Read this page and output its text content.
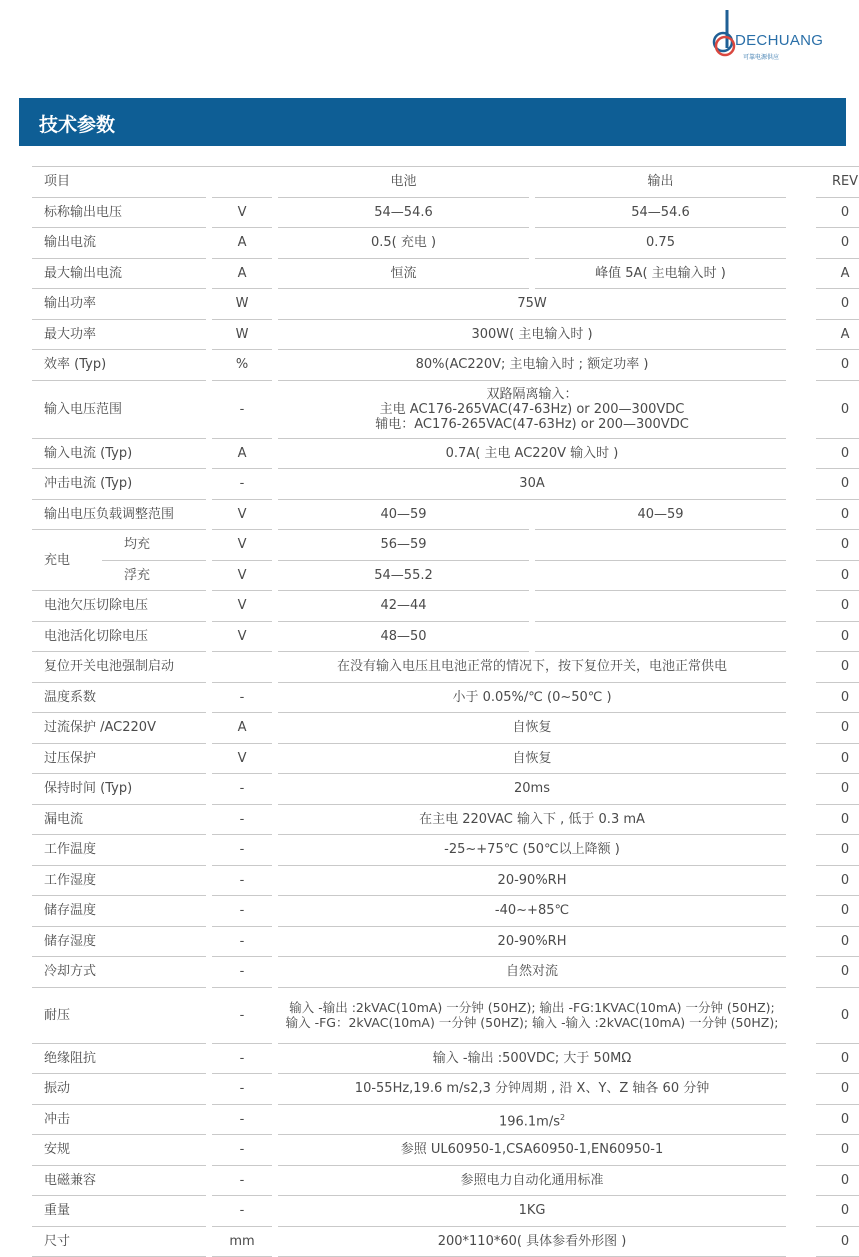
DECHUANG
可靠电源供应
技术参数
项目					电池		输出		REV
标称输出电压			V		54—54.6		54—54.6		0
输出电流			A		0.5( 充电 )		0.75		0
最大输出电流			A		恒流		峰值 5A( 主电输入时 )		A
输出功率			W		75W				0
最大功率			W		300W( 主电输入时 )				A
效率 (Typ)			%		80%(AC220V; 主电输入时 ; 额定功率 )				0
输入电压范围			-		双路隔离输入：
主电 AC176-265VAC(47-63Hz) or 200—300VDC
辅电：AC176-265VAC(47-63Hz) or 200—300VDC				0
输入电流 (Typ)			A		0.7A( 主电 AC220V 输入时 )				0
冲击电流 (Typ)			-		30A				0
输出电压负载调整范围			V		40—59		40—59		0
充电	均充		V		56—59				0
	浮充		V		54—55.2				0
电池欠压切除电压			V		42—44				0
电池活化切除电压			V		48—50				0
复位开关电池强制启动					在没有输入电压且电池正常的情况下，按下复位开关，电池正常供电				0
温度系数			-		小于 0.05%/℃ (0~50℃ )				0
过流保护 /AC220V			A		自恢复				0
过压保护			V		自恢复				0
保持时间 (Typ)			-		20ms				0
漏电流			-		在主电 220VAC 输入下 , 低于 0.3 mA				0
工作温度			-		-25~+75℃ (50℃以上降额 )				0
工作湿度			-		20-90%RH				0
储存温度			-		-40~+85℃				0
储存湿度			-		20-90%RH				0
冷却方式			-		自然对流				0
耐压			-		输入 -输出 :2kVAC(10mA) 一分钟 (50HZ); 输出 -FG:1KVAC(10mA) 一分钟 (50HZ);
输入 -FG：2kVAC(10mA) 一分钟 (50HZ); 输入 -输入 :2kVAC(10mA) 一分钟 (50HZ);				0
绝缘阻抗			-		输入 -输出 :500VDC; 大于 50MΩ				0
振动			-		10-55Hz,19.6 m/s2,3 分钟周期 , 沿 X、Y、Z 轴各 60 分钟				0
冲击			-		$196.1m/s^2$				0
安规			-		参照 UL60950-1,CSA60950-1,EN60950-1				0
电磁兼容			-		参照电力自动化通用标准				0
重量			-		1KG				0
尺寸			mm		200*110*60( 具体参看外形图 )				0
